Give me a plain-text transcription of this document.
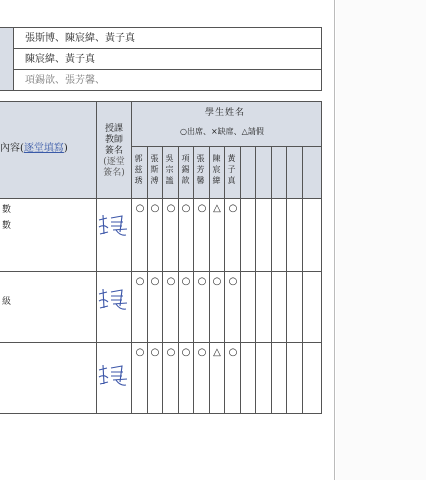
張斯博、陳宸緯、黃子真
陳宸緯、黃子真
項錫歆、張芳馨、
內容(逐堂填寫)
授課
教師
簽名
(逐堂
簽名)
學生姓名
○出席、×缺席、△請假
郭
兹
琇
張
斯
溥
吳
宗
謐
項
錫
歆
張
芳
馨
陳
宸
緯
黃
子
真
數
數
級
○ ○ ○ ○ ○ △ ○
○ ○ ○ ○ ○ ○ ○
○ ○ ○ ○ ○ △ ○
